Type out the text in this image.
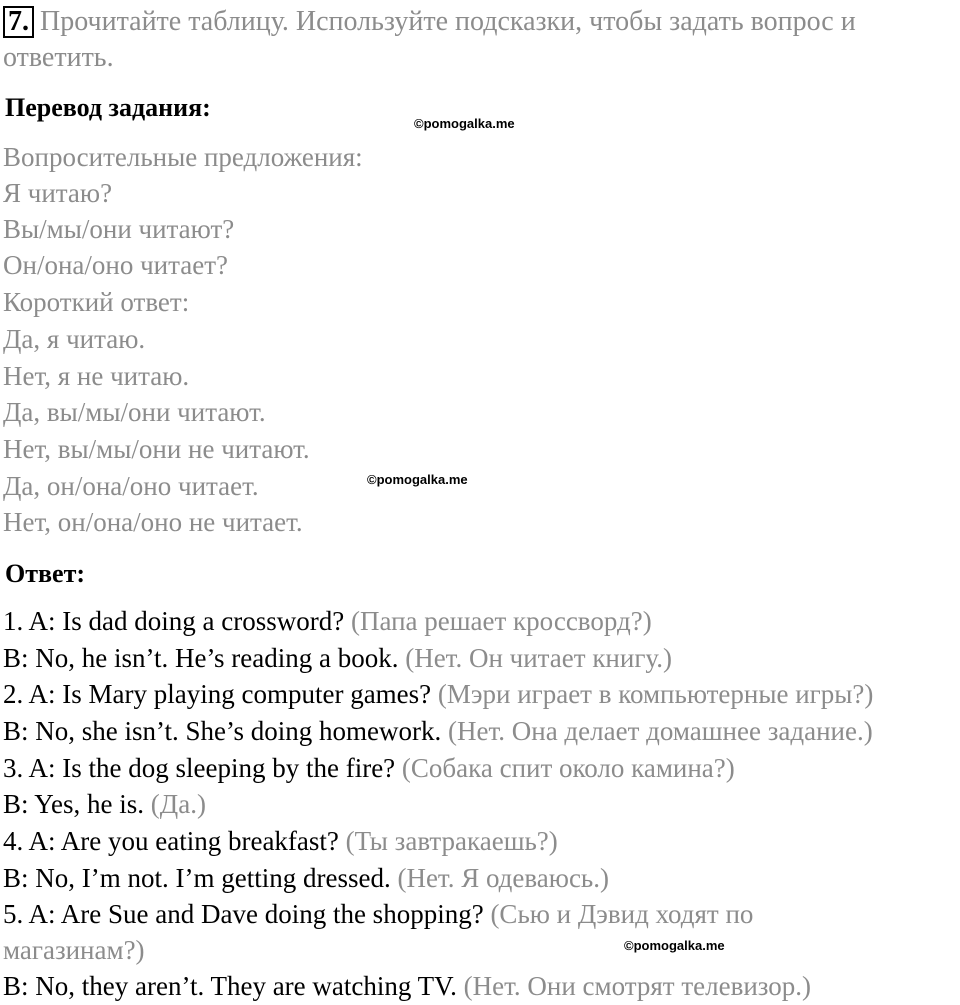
7. Прочитайте таблицу. Используйте подсказки, чтобы задать вопрос и
ответить.
Перевод задания:
©pomogalka.me
Вопросительные предложения:
Я читаю?
Вы/мы/они читают?
Он/она/оно читает?
Короткий ответ:
Да, я читаю.
Нет, я не читаю.
Да, вы/мы/они читают.
Нет, вы/мы/они не читают.
Да, он/она/оно читает.
Нет, он/она/оно не читает.
©pomogalka.me
Ответ:
1. A: Is dad doing a crossword? (Папа решает кроссворд?)
B: No, he isn’t. He’s reading a book. (Нет. Он читает книгу.)
2. A: Is Mary playing computer games? (Мэри играет в компьютерные игры?)
B: No, she isn’t. She’s doing homework. (Нет. Она делает домашнее задание.)
3. A: Is the dog sleeping by the fire? (Собака спит около камина?)
B: Yes, he is. (Да.)
4. A: Are you eating breakfast? (Ты завтракаешь?)
B: No, I’m not. I’m getting dressed. (Нет. Я одеваюсь.)
5. A: Are Sue and Dave doing the shopping? (Сью и Дэвид ходят по
магазинам?)
B: No, they aren’t. They are watching TV. (Нет. Они смотрят телевизор.)
©pomogalka.me
